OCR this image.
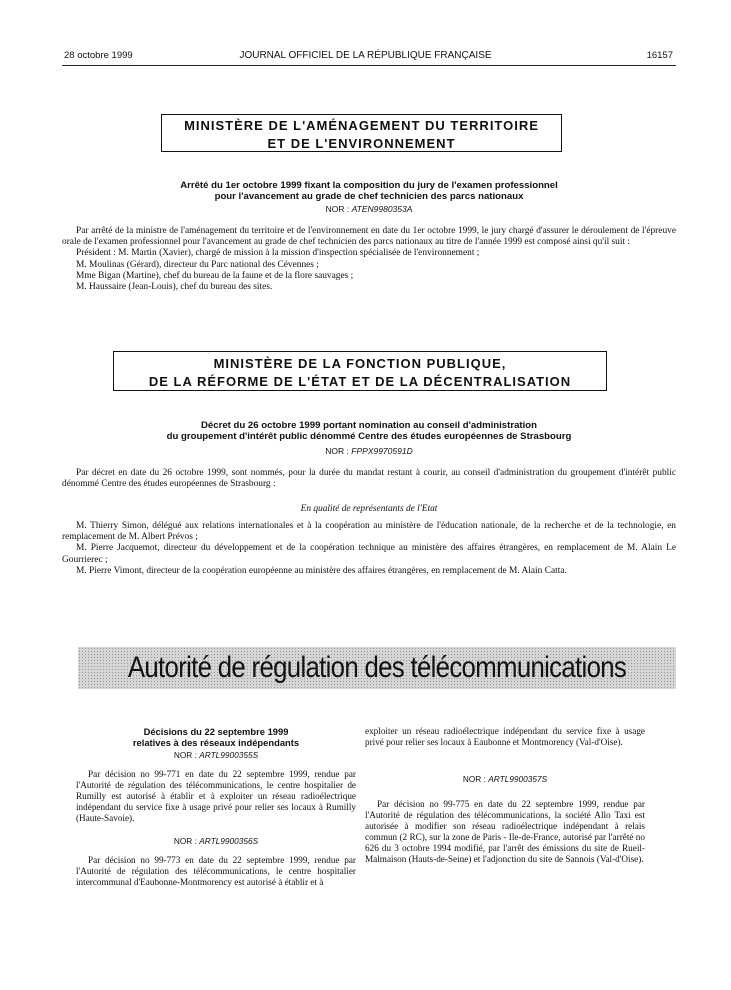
28 octobre 1999	JOURNAL OFFICIEL DE LA RÉPUBLIQUE FRANÇAISE	16157
MINISTÈRE DE L'AMÉNAGEMENT DU TERRITOIRE
ET DE L'ENVIRONNEMENT
Arrêté du 1er octobre 1999 fixant la composition du jury de l'examen professionnel
pour l'avancement au grade de chef technicien des parcs nationaux
NOR : ATEN9980353A

Par arrêté de la ministre de l'aménagement du territoire et de l'environnement en date du 1er octobre 1999, le jury chargé d'assurer le déroulement de l'épreuve orale de l'examen professionnel pour l'avancement au grade de chef technicien des parcs nationaux au titre de l'année 1999 est composé ainsi qu'il suit :

Président : M. Martin (Xavier), chargé de mission à la mission d'inspection spécialisée de l'environnement ;

M. Moulinas (Gérard), directeur du Parc national des Cévennes ;

Mme Bigan (Martine), chef du bureau de la faune et de la flore sauvages ;

M. Haussaire (Jean-Louis), chef du bureau des sites.

MINISTÈRE DE LA FONCTION PUBLIQUE,
DE LA RÉFORME DE L'ÉTAT ET DE LA DÉCENTRALISATION
Décret du 26 octobre 1999 portant nomination au conseil d'administration
du groupement d'intérêt public dénommé Centre des études européennes de Strasbourg
NOR : FPPX9970591D

Par décret en date du 26 octobre 1999, sont nommés, pour la durée du mandat restant à courir, au conseil d'administration du groupement d'intérêt public dénommé Centre des études européennes de Strasbourg :

En qualité de représentants de l'Etat

M. Thierry Simon, délégué aux relations internationales et à la coopération au ministère de l'éducation nationale, de la recherche et de la technologie, en remplacement de M. Albert Prévos ;

M. Pierre Jacquemot, directeur du développement et de la coopération technique au ministère des affaires étrangères, en remplacement de M. Alain Le Gourrierec ;

M. Pierre Vimont, directeur de la coopération européenne au ministère des affaires étrangères, en remplacement de M. Alain Catta.

Autorité de régulation des télécommunications
Décisions du 22 septembre 1999
relatives à des réseaux indépendants
NOR : ARTL9900355S

Par décision no 99-771 en date du 22 septembre 1999, rendue par l'Autorité de régulation des télécommunications, le centre hospitalier de Rumilly est autorisé à établir et à exploiter un réseau radioélectrique indépendant du service fixe à usage privé pour relier ses locaux à Rumilly (Haute-Savoie).

NOR : ARTL9900356S

Par décision no 99-773 en date du 22 septembre 1999, rendue par l'Autorité de régulation des télécommunications, le centre hospitalier intercommunal d'Eaubonne-Montmorency est autorisé à établir et à

exploiter un réseau radioélectrique indépendant du service fixe à usage privé pour relier ses locaux à Eaubonne et Montmorency (Val-d'Oise).

NOR : ARTL9900357S

Par décision no 99-775 en date du 22 septembre 1999, rendue par l'Autorité de régulation des télécommunications, la société Allo Taxi est autorisée à modifier son réseau radioélectrique indépendant à relais commun (2 RC), sur la zone de Paris - Ile-de-France, autorisé par l'arrêté no 626 du 3 octobre 1994 modifié, par l'arrêt des émissions du site de Rueil-Malmaison (Hauts-de-Seine) et l'adjonction du site de Sannois (Val-d'Oise).
